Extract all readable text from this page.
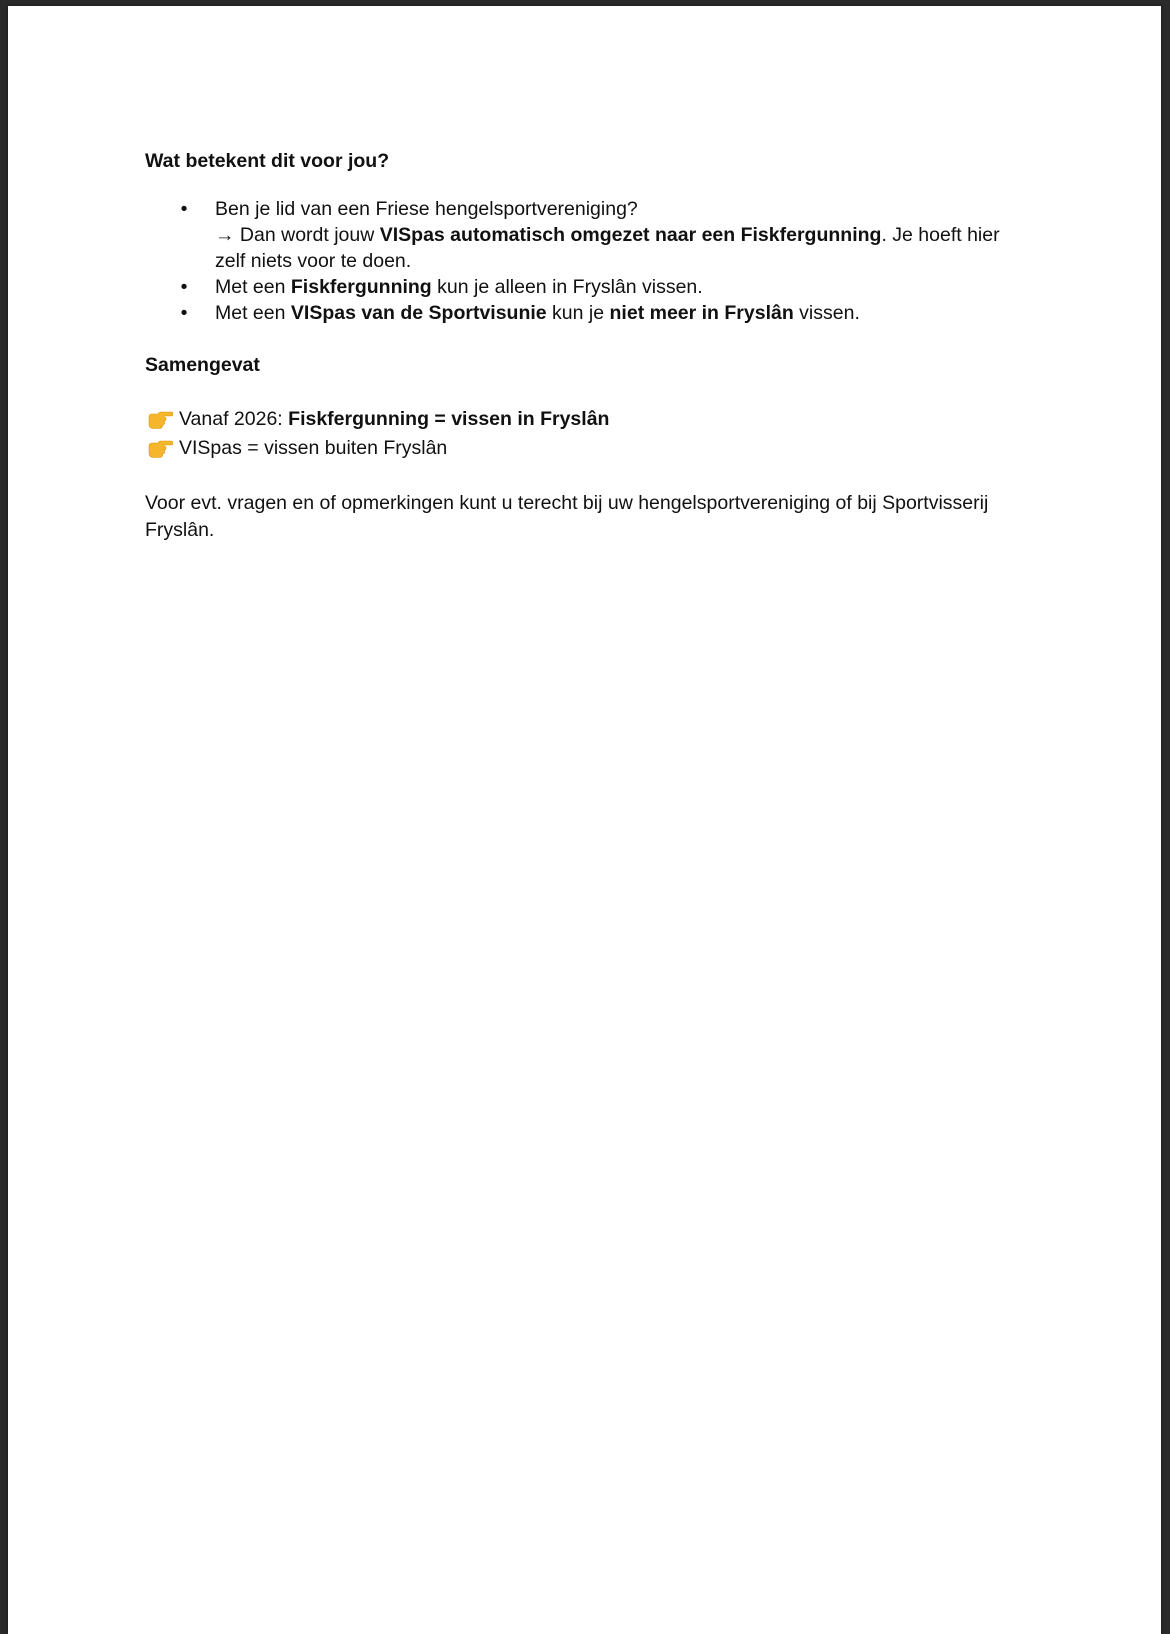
Wat betekent dit voor jou?

• Ben je lid van een Friese hengelsportvereniging?
→ Dan wordt jouw VISpas automatisch omgezet naar een Fiskfergunning. Je hoeft hier zelf niets voor te doen.
• Met een Fiskfergunning kun je alleen in Fryslân vissen.
• Met een VISpas van de Sportvisunie kun je niet meer in Fryslân vissen.

Samengevat

Vanaf 2026: Fiskfergunning = vissen in Fryslân
VISpas = vissen buiten Fryslân

Voor evt. vragen en of opmerkingen kunt u terecht bij uw hengelsportvereniging of bij Sportvisserij Fryslân.
